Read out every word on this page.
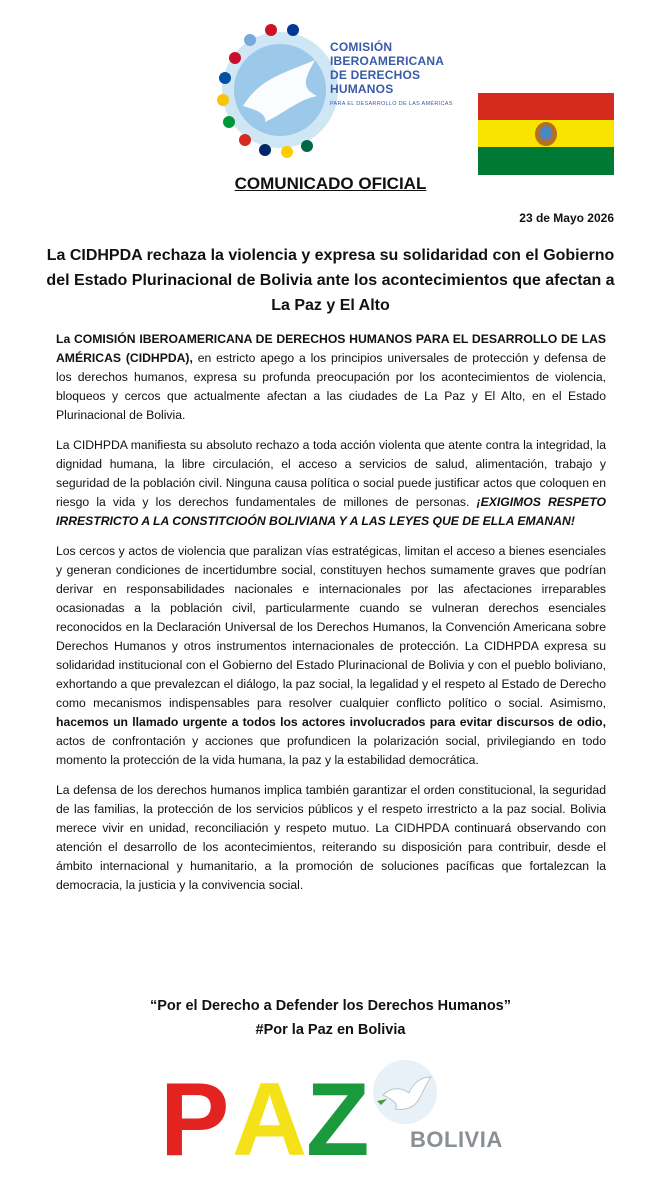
COMISIÓN
IBEROAMERICANA
DE DERECHOS
HUMANOS
PARA EL DESARROLLO DE LAS AMÉRICAS
COMUNICADO OFICIAL
23 de Mayo 2026
La CIDHPDA rechaza la violencia y expresa su solidaridad con el Gobierno del Estado Plurinacional de Bolivia ante los acontecimientos que afectan a La Paz y El Alto

La COMISIÓN IBEROAMERICANA DE DERECHOS HUMANOS PARA EL DESARROLLO DE LAS AMÉRICAS (CIDHPDA), en estricto apego a los principios universales de protección y defensa de los derechos humanos, expresa su profunda preocupación por los acontecimientos de violencia, bloqueos y cercos que actualmente afectan a las ciudades de La Paz y El Alto, en el Estado Plurinacional de Bolivia.

La CIDHPDA manifiesta su absoluto rechazo a toda acción violenta que atente contra la integridad, la dignidad humana, la libre circulación, el acceso a servicios de salud, alimentación, trabajo y seguridad de la población civil. Ninguna causa política o social puede justificar actos que coloquen en riesgo la vida y los derechos fundamentales de millones de personas. ¡EXIGIMOS RESPETO IRRESTRICTO A LA CONSTITCIOÓN BOLIVIANA Y A LAS LEYES QUE DE ELLA EMANAN!

Los cercos y actos de violencia que paralizan vías estratégicas, limitan el acceso a bienes esenciales y generan condiciones de incertidumbre social, constituyen hechos sumamente graves que podrían derivar en responsabilidades nacionales e internacionales por las afectaciones irreparables ocasionadas a la población civil, particularmente cuando se vulneran derechos esenciales reconocidos en la Declaración Universal de los Derechos Humanos, la Convención Americana sobre Derechos Humanos y otros instrumentos internacionales de protección. La CIDHPDA expresa su solidaridad institucional con el Gobierno del Estado Plurinacional de Bolivia y con el pueblo boliviano, exhortando a que prevalezcan el diálogo, la paz social, la legalidad y el respeto al Estado de Derecho como mecanismos indispensables para resolver cualquier conflicto político o social. Asimismo, hacemos un llamado urgente a todos los actores involucrados para evitar discursos de odio, actos de confrontación y acciones que profundicen la polarización social, privilegiando en todo momento la protección de la vida humana, la paz y la estabilidad democrática.

La defensa de los derechos humanos implica también garantizar el orden constitucional, la seguridad de las familias, la protección de los servicios públicos y el respeto irrestricto a la paz social. Bolivia merece vivir en unidad, reconciliación y respeto mutuo. La CIDHPDA continuará observando con atención el desarrollo de los acontecimientos, reiterando su disposición para contribuir, desde el ámbito internacional y humanitario, a la promoción de soluciones pacíficas que fortalezcan la democracia, la justicia y la convivencia social.

“Por el Derecho a Defender los Derechos Humanos”
#Por la Paz en Bolivia
P A
Z BOLIVIA
